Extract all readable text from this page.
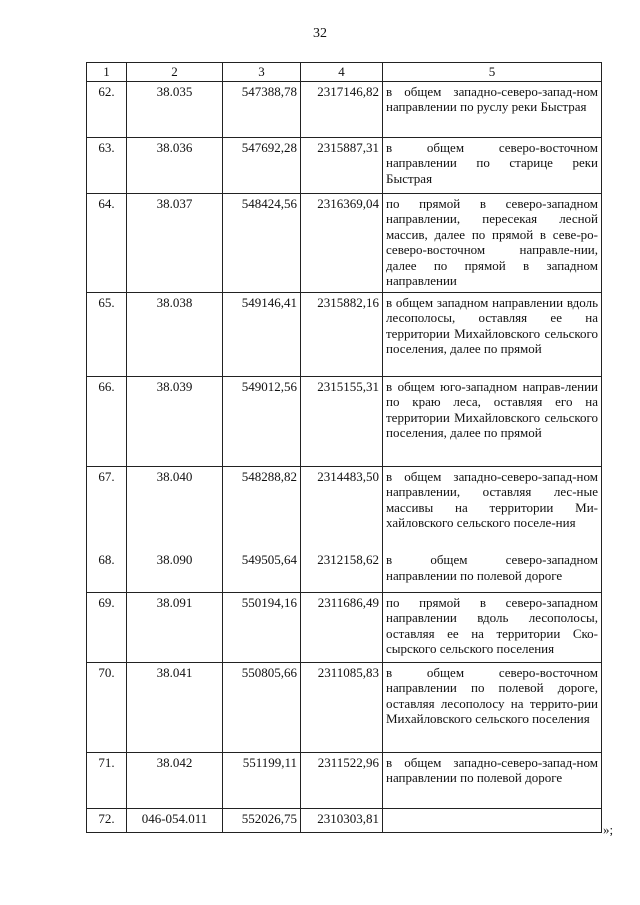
32
1	2	3	4	5
62.	38.035	547388,78	2317146,82	в общем западно-северо-запад-ном направлении по руслу реки Быстрая
63.	38.036	547692,28	2315887,31	в общем северо-восточном направлении по старице реки Быстрая
64.	38.037	548424,56	2316369,04	по прямой в северо-западном направлении, пересекая лесной массив, далее по прямой в севе-ро-северо-восточном направле-нии, далее по прямой в западном направлении
65.	38.038	549146,41	2315882,16	в общем западном направлении вдоль лесополосы, оставляя ее на территории Михайловского сельского поселения, далее по прямой
66.	38.039	549012,56	2315155,31	в общем юго-западном направ-лении по краю леса, оставляя его на территории Михайловского сельского поселения, далее по прямой
67.	38.040	548288,82	2314483,50	в общем западно-северо-запад-ном направлении, оставляя лес-ные массивы на территории Ми-хайловского сельского поселе-ния
68.	38.090	549505,64	2312158,62	в общем северо-западном направлении по полевой дороге
69.	38.091	550194,16	2311686,49	по прямой в северо-западном направлении вдоль лесополосы, оставляя ее на территории Ско-сырского сельского поселения
70.	38.041	550805,66	2311085,83	в общем северо-восточном направлении по полевой дороге, оставляя лесополосу на террито-рии Михайловского сельского поселения
71.	38.042	551199,11	2311522,96	в общем западно-северо-запад-ном направлении по полевой дороге
72.	046-054.011	552026,75	2310303,81	
»;
